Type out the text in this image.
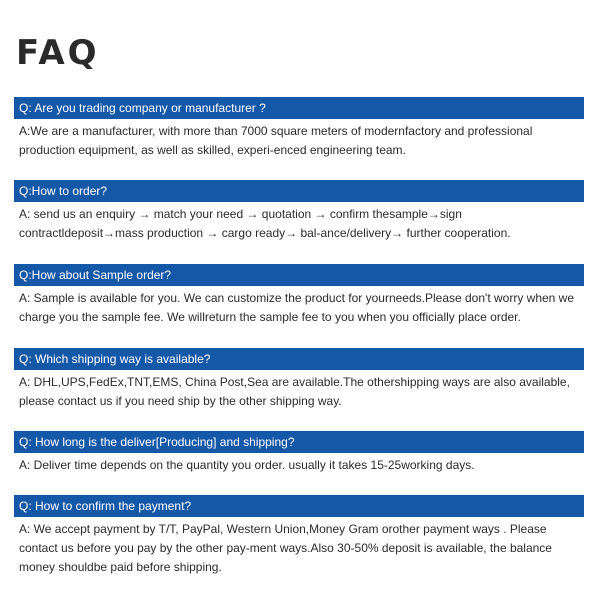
FAQ
Q: Are you trading company or manufacturer ?
A:We are a manufacturer, with more than 7000 square meters of modernfactory and professional production equipment, as well as skilled, experi-enced engineering team.
Q:How to order?
A: send us an enquiry → match your need → quotation → confirm thesample→sign contractldeposit→mass production → cargo ready→ bal-ance/delivery→ further cooperation.
Q:How about Sample order?
A: Sample is available for you. We can customize the product for yourneeds.Please don't worry when we charge you the sample fee. We willreturn the sample fee to you when you officially place order.
Q: Which shipping way is available?
A: DHL,UPS,FedEx,TNT,EMS, China Post,Sea are available.The othershipping ways are also available, please contact us if you need ship by the other shipping way.
Q: How long is the deliver[Producing] and shipping?
A: Deliver time depends on the quantity you order. usually it takes 15-25working days.
Q: How to confirm the payment?
A: We accept payment by T/T, PayPal, Western Union,Money Gram orother payment ways . Please contact us before you pay by the other pay-ment ways.Also 30-50% deposit is available, the balance money shouldbe paid before shipping.
